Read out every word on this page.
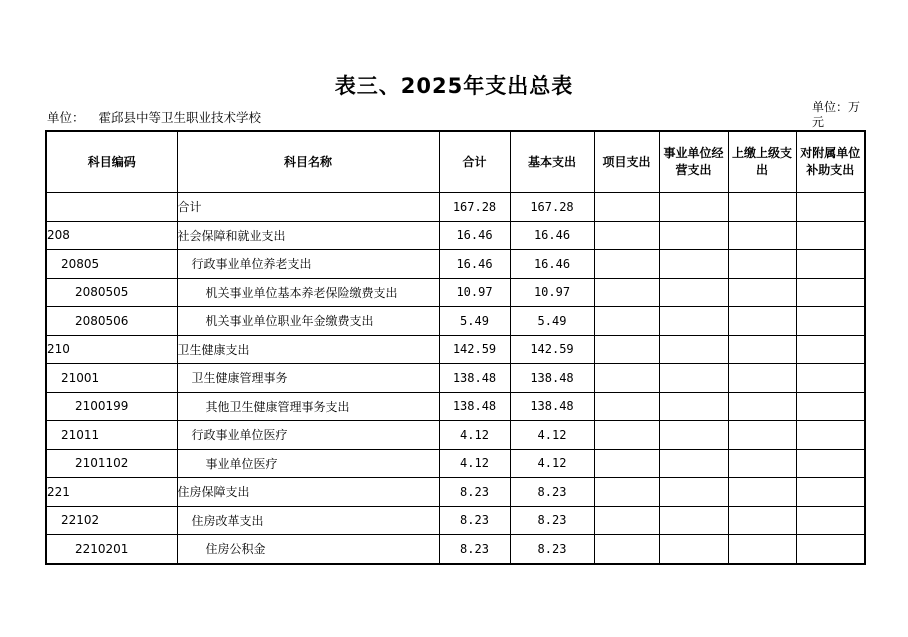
表三、2025年支出总表
单位： 霍邱县中等卫生职业技术学校
单位：万元
科目编码	科目名称	合计	基本支出	项目支出	事业单位经营支出	上缴上级支出	对附属单位补助支出
	合计	167.28	167.28				
208	社会保障和就业支出	16.46	16.46				
20805	行政事业单位养老支出	16.46	16.46				
2080505	机关事业单位基本养老保险缴费支出	10.97	10.97				
2080506	机关事业单位职业年金缴费支出	5.49	5.49				
210	卫生健康支出	142.59	142.59				
21001	卫生健康管理事务	138.48	138.48				
2100199	其他卫生健康管理事务支出	138.48	138.48				
21011	行政事业单位医疗	4.12	4.12				
2101102	事业单位医疗	4.12	4.12				
221	住房保障支出	8.23	8.23				
22102	住房改革支出	8.23	8.23				
2210201	住房公积金	8.23	8.23				
